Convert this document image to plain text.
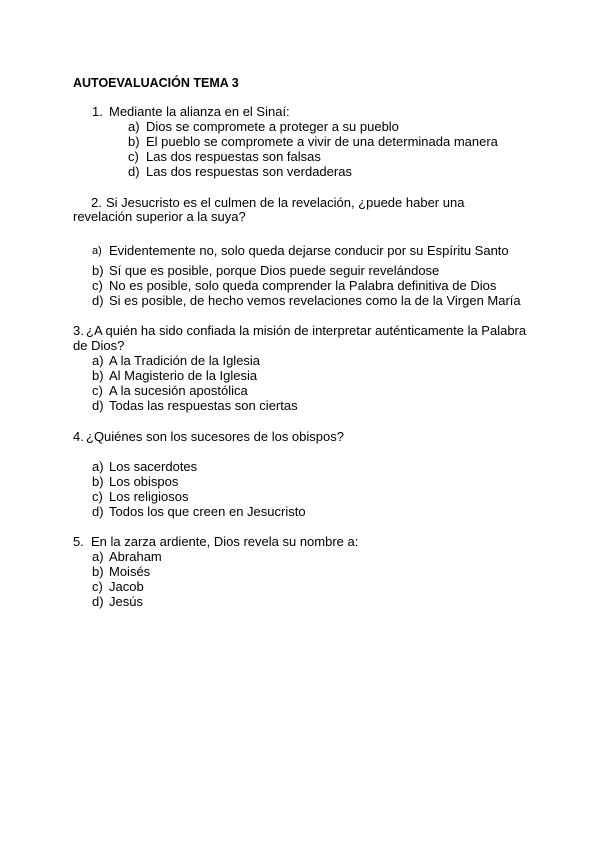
AUTOEVALUACIÓN TEMA 3
1. Mediante la alianza en el Sinaí:
a) Dios se compromete a proteger a su pueblo
b) El pueblo se compromete a vivir de una determinada manera
c) Las dos respuestas son falsas
d) Las dos respuestas son verdaderas
2. Si Jesucristo es el culmen de la revelación, ¿puede haber una
revelación superior a la suya?
a) Evidentemente no, solo queda dejarse conducir por su Espíritu Santo
b) Sí que es posible, porque Dios puede seguir revelándose
c) No es posible, solo queda comprender la Palabra definitiva de Dios
d) Si es posible, de hecho vemos revelaciones como la de la Virgen María
3. ¿A quién ha sido confiada la misión de interpretar auténticamente la Palabra
de Dios?
a) A la Tradición de la Iglesia
b) Al Magisterio de la Iglesia
c) A la sucesión apostólica
d) Todas las respuestas son ciertas
4. ¿Quiénes son los sucesores de los obispos?
a) Los sacerdotes
b) Los obispos
c) Los religiosos
d) Todos los que creen en Jesucristo
5. En la zarza ardiente, Dios revela su nombre a:
a) Abraham
b) Moisés
c) Jacob
d) Jesús
